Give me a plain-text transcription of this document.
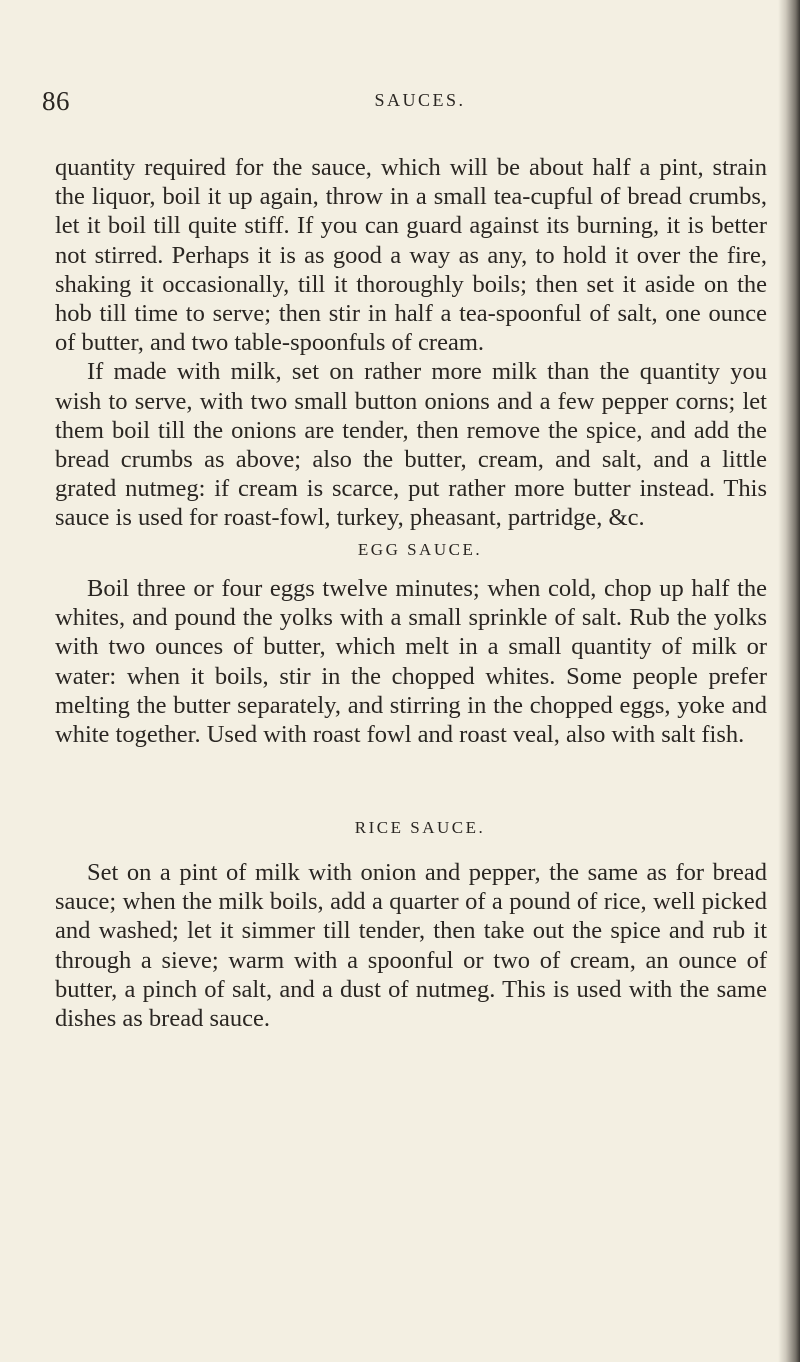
86	SAUCES.

quantity required for the sauce, which will be about half a pint, strain the liquor, boil it up again, throw in a small tea-cupful of bread crumbs, let it boil till quite stiff. If you can guard against its burning, it is better not stirred. Perhaps it is as good a way as any, to hold it over the fire, shaking it occasionally, till it thoroughly boils; then set it aside on the hob till time to serve; then stir in half a tea-spoonful of salt, one ounce of butter, and two table-spoonfuls of cream.

If made with milk, set on rather more milk than the quantity you wish to serve, with two small button onions and a few pepper corns; let them boil till the onions are tender, then remove the spice, and add the bread crumbs as above; also the butter, cream, and salt, and a little grated nutmeg: if cream is scarce, put rather more butter instead. This sauce is used for roast-fowl, turkey, pheasant, partridge, &c.

EGG SAUCE.

Boil three or four eggs twelve minutes; when cold, chop up half the whites, and pound the yolks with a small sprinkle of salt. Rub the yolks with two ounces of butter, which melt in a small quantity of milk or water: when it boils, stir in the chopped whites. Some people prefer melting the butter separately, and stirring in the chopped eggs, yoke and white together. Used with roast fowl and roast veal, also with salt fish.

RICE SAUCE.

Set on a pint of milk with onion and pepper, the same as for bread sauce; when the milk boils, add a quarter of a pound of rice, well picked and washed; let it simmer till tender, then take out the spice and rub it through a sieve; warm with a spoonful or two of cream, an ounce of butter, a pinch of salt, and a dust of nutmeg. This is used with the same dishes as bread sauce.
